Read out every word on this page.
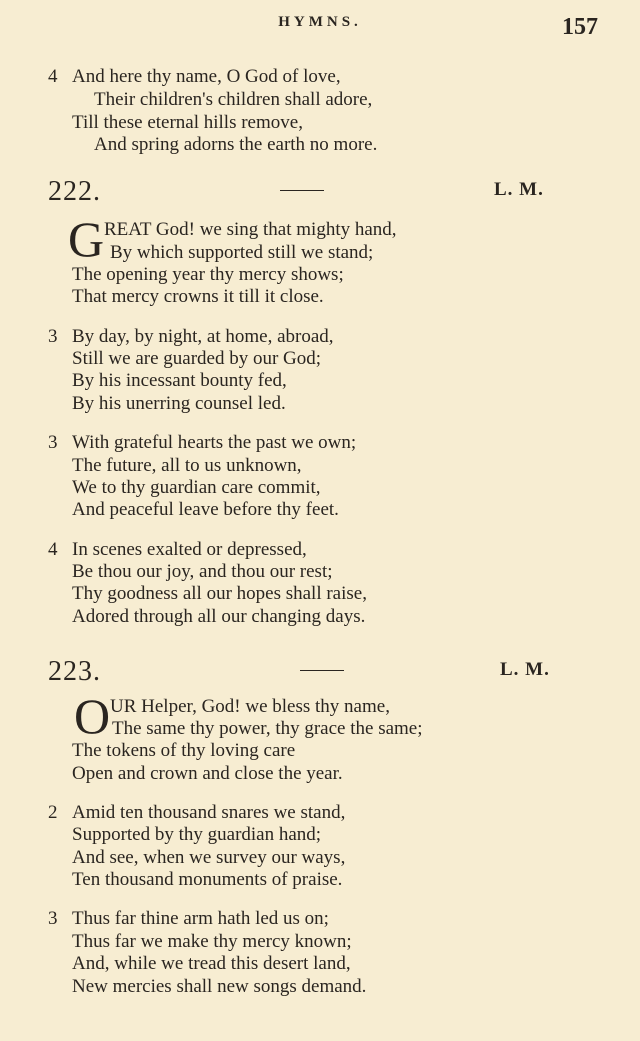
HYMNS.	157
4 And here thy name, O God of love,
Their children's children shall adore,
Till these eternal hills remove,
And spring adorns the earth no more.
222.	L. M.
G REAT God! we sing that mighty hand,
By which supported still we stand;
The opening year thy mercy shows;
That mercy crowns it till it close.
3 By day, by night, at home, abroad,
Still we are guarded by our God;
By his incessant bounty fed,
By his unerring counsel led.
3 With grateful hearts the past we own;
The future, all to us unknown,
We to thy guardian care commit,
And peaceful leave before thy feet.
4 In scenes exalted or depressed,
Be thou our joy, and thou our rest;
Thy goodness all our hopes shall raise,
Adored through all our changing days.
223.	L. M.
O UR Helper, God! we bless thy name,
The same thy power, thy grace the same;
The tokens of thy loving care
Open and crown and close the year.
2 Amid ten thousand snares we stand,
Supported by thy guardian hand;
And see, when we survey our ways,
Ten thousand monuments of praise.
3 Thus far thine arm hath led us on;
Thus far we make thy mercy known;
And, while we tread this desert land,
New mercies shall new songs demand.
